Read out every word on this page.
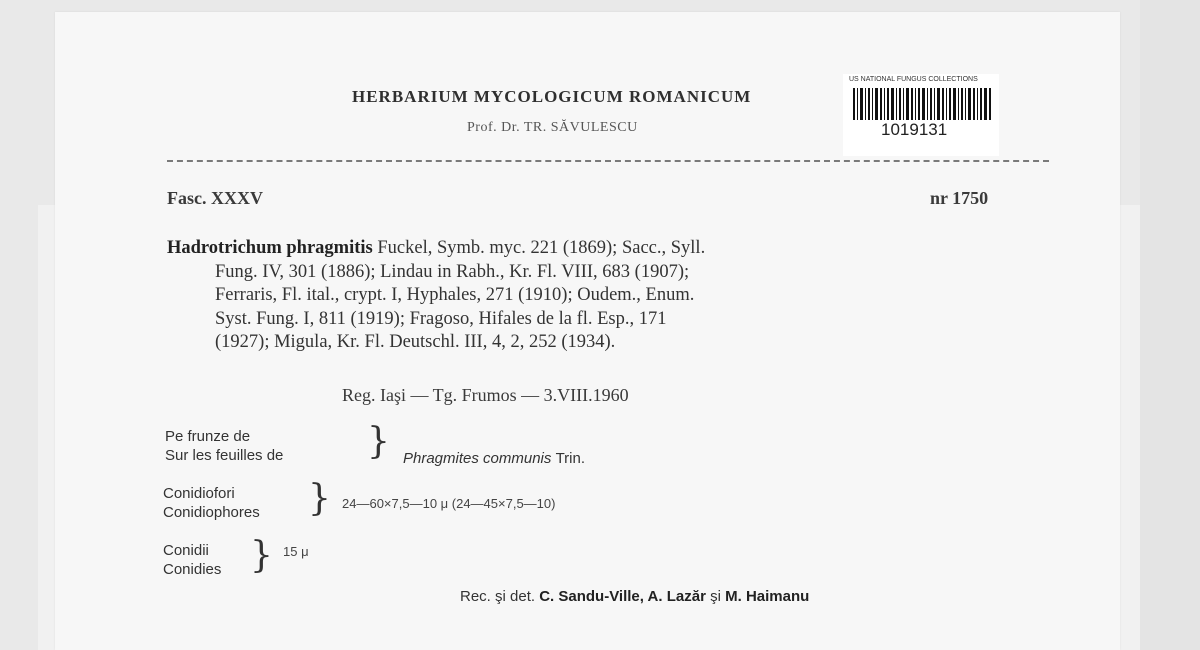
HERBARIUM MYCOLOGICUM ROMANICUM
Prof. Dr. TR. SĂVULESCU
US NATIONAL FUNGUS COLLECTIONS
1019131
Fasc. XXXV	nr 1750
Hadrotrichum phragmitis Fuckel, Symb. myc. 221 (1869); Sacc., Syll.
Fung. IV, 301 (1886); Lindau in Rabh., Kr. Fl. VIII, 683 (1907);
Ferraris, Fl. ital., crypt. I, Hyphales, 271 (1910); Oudem., Enum.
Syst. Fung. I, 811 (1919); Fragoso, Hifales de la fl. Esp., 171
(1927); Migula, Kr. Fl. Deutschl. III, 4, 2, 252 (1934).
Reg. Iaşi — Tg. Frumos — 3.VIII.1960
Pe frunze de
Sur les feuilles de } Phragmites communis Trin.
Conidiofori
Conidiophores } 24—60×7,5—10 μ (24—45×7,5—10)
Conidii
Conidies } 15 μ
Rec. şi det. C. Sandu-Ville, A. Lazăr şi M. Haimanu
